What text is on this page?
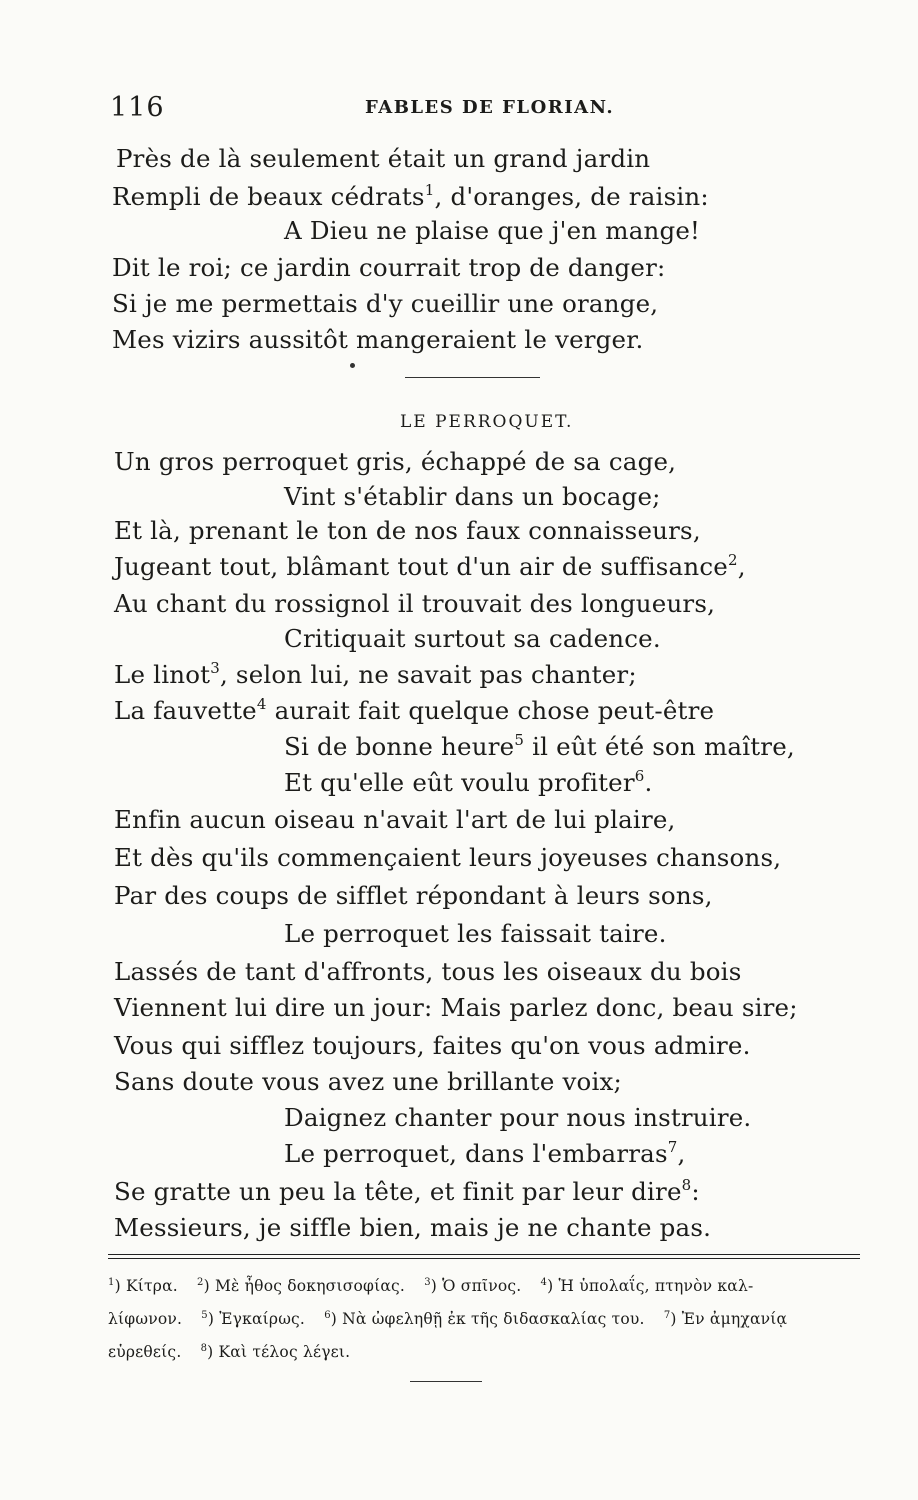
116	FABLES DE FLORIAN.
Près de là seulement était un grand jardin
Rempli de beaux cédrats$^1$, d'oranges, de raisin:
A Dieu ne plaise que j'en mange!
Dit le roi; ce jardin courrait trop de danger:
Si je me permettais d'y cueillir une orange,
Mes vizirs aussitôt mangeraient le verger.
LE PERROQUET.
Un gros perroquet gris, échappé de sa cage,
Vint s'établir dans un bocage;
Et là, prenant le ton de nos faux connaisseurs,
Jugeant tout, blâmant tout d'un air de suffisance$^2$,
Au chant du rossignol il trouvait des longueurs,
Critiquait surtout sa cadence.
Le linot$^3$, selon lui, ne savait pas chanter;
La fauvette$^4$ aurait fait quelque chose peut-être
Si de bonne heure$^5$ il eût été son maître,
Et qu'elle eût voulu profiter$^6$.
Enfin aucun oiseau n'avait l'art de lui plaire,
Et dès qu'ils commençaient leurs joyeuses chansons,
Par des coups de sifflet répondant à leurs sons,
Le perroquet les faissait taire.
Lassés de tant d'affronts, tous les oiseaux du bois
Viennent lui dire un jour: Mais parlez donc, beau sire;
Vous qui sifflez toujours, faites qu'on vous admire.
Sans doute vous avez une brillante voix;
Daignez chanter pour nous instruire.
Le perroquet, dans l'embarras$^7$,
Se gratte un peu la tête, et finit par leur dire$^8$:
Messieurs, je siffle bien, mais je ne chante pas.
$^1$) Κίτρα. $^2$) Μὲ ἦθος δοκησισοφίας. $^3$) Ὁ σπῖνος. $^4$) Ἡ ὑπολαΐς, πτηνὸν καλ-
λίφωνον. $^5$) Ἐγκαίρως. $^6$) Νὰ ὠφεληθῇ ἐκ τῆς διδασκαλίας του. $^7$) Ἐν ἀμηχανίᾳ
εὑρεθείς. $^8$) Καὶ τέλος λέγει.
